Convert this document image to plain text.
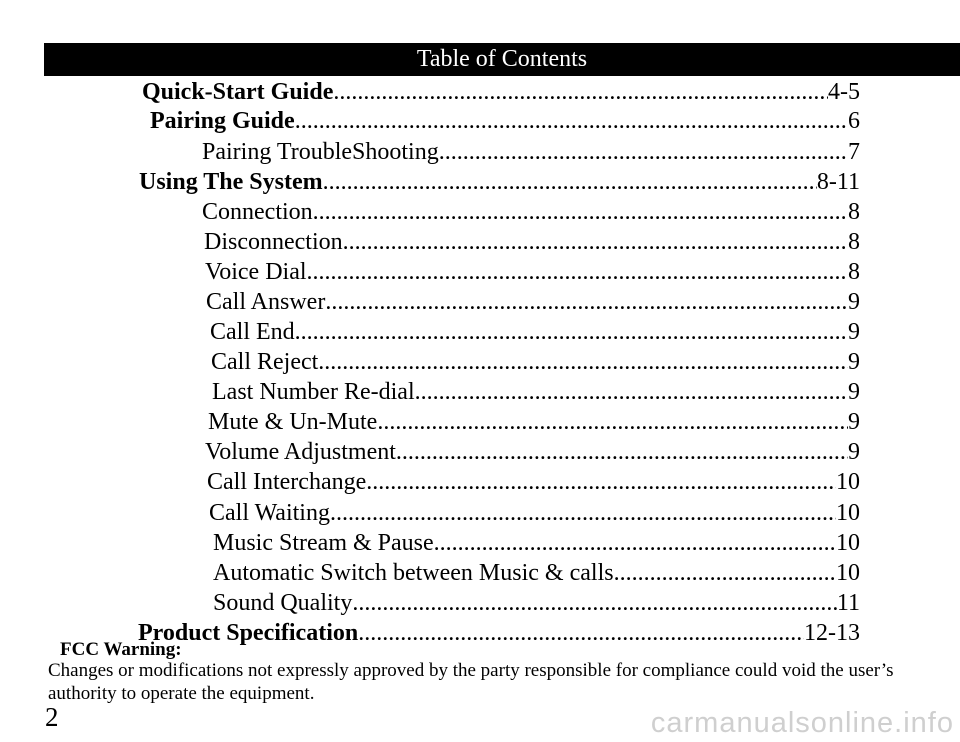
Table of Contents
Quick-Start Guide .....	4-5
Pairing Guide .....	6
Pairing TroubleShooting .....	7
Using The System .....	8-11
Connection .....	8
Disconnection .....	8
Voice Dial .....	8
Call Answer .....	9
Call End .....	9
Call Reject .....	9
Last Number Re-dial .....	9
Mute & Un-Mute .....	9
Volume Adjustment .....	9
Call Interchange .....	10
Call Waiting .....	10
Music Stream & Pause .....	10
Automatic Switch between Music & calls .....	10
Sound Quality .....	11
Product Specification .....	12-13
FCC Warning:
Changes or modifications not expressly approved by the party responsible for compliance could void the user’s authority to operate the equipment.
2	carmanualsonline.info
